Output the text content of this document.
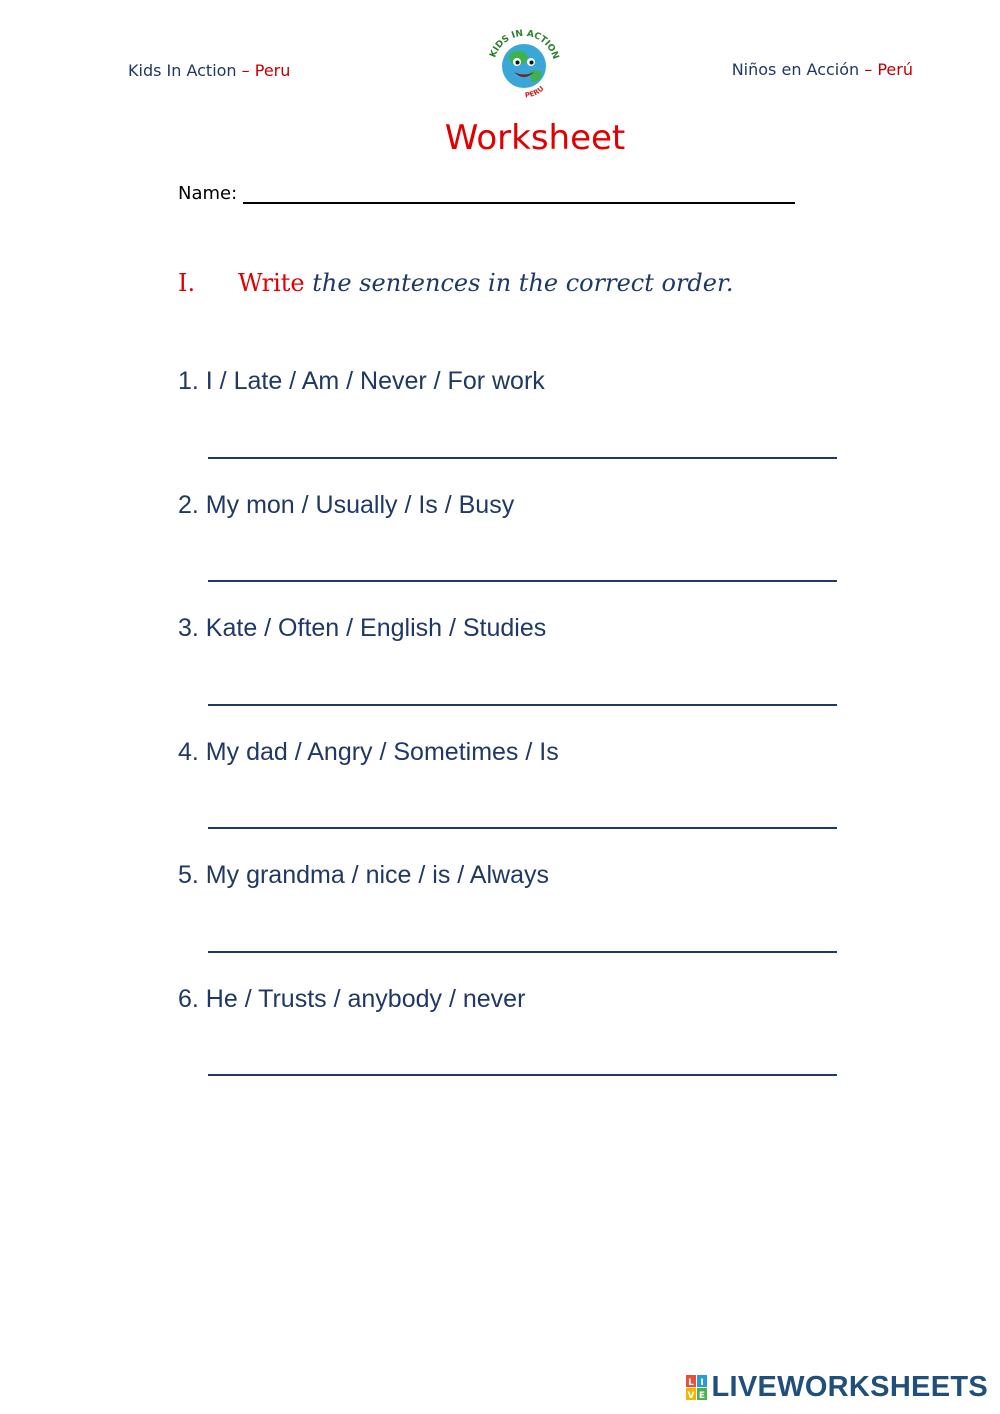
Kids In Action – Peru
KIDS IN ACTION
PERU
Niños en Acción – Perú
Worksheet
Name:
I. Write the sentences in the correct order.
1. I / Late / Am / Never / For work
2. My mon / Usually / Is / Busy
3. Kate / Often / English / Studies
4. My dad / Angry / Sometimes / Is
5. My grandma / nice / is / Always
6. He / Trusts / anybody / never
L I
V E LIVEWORKSHEETS
